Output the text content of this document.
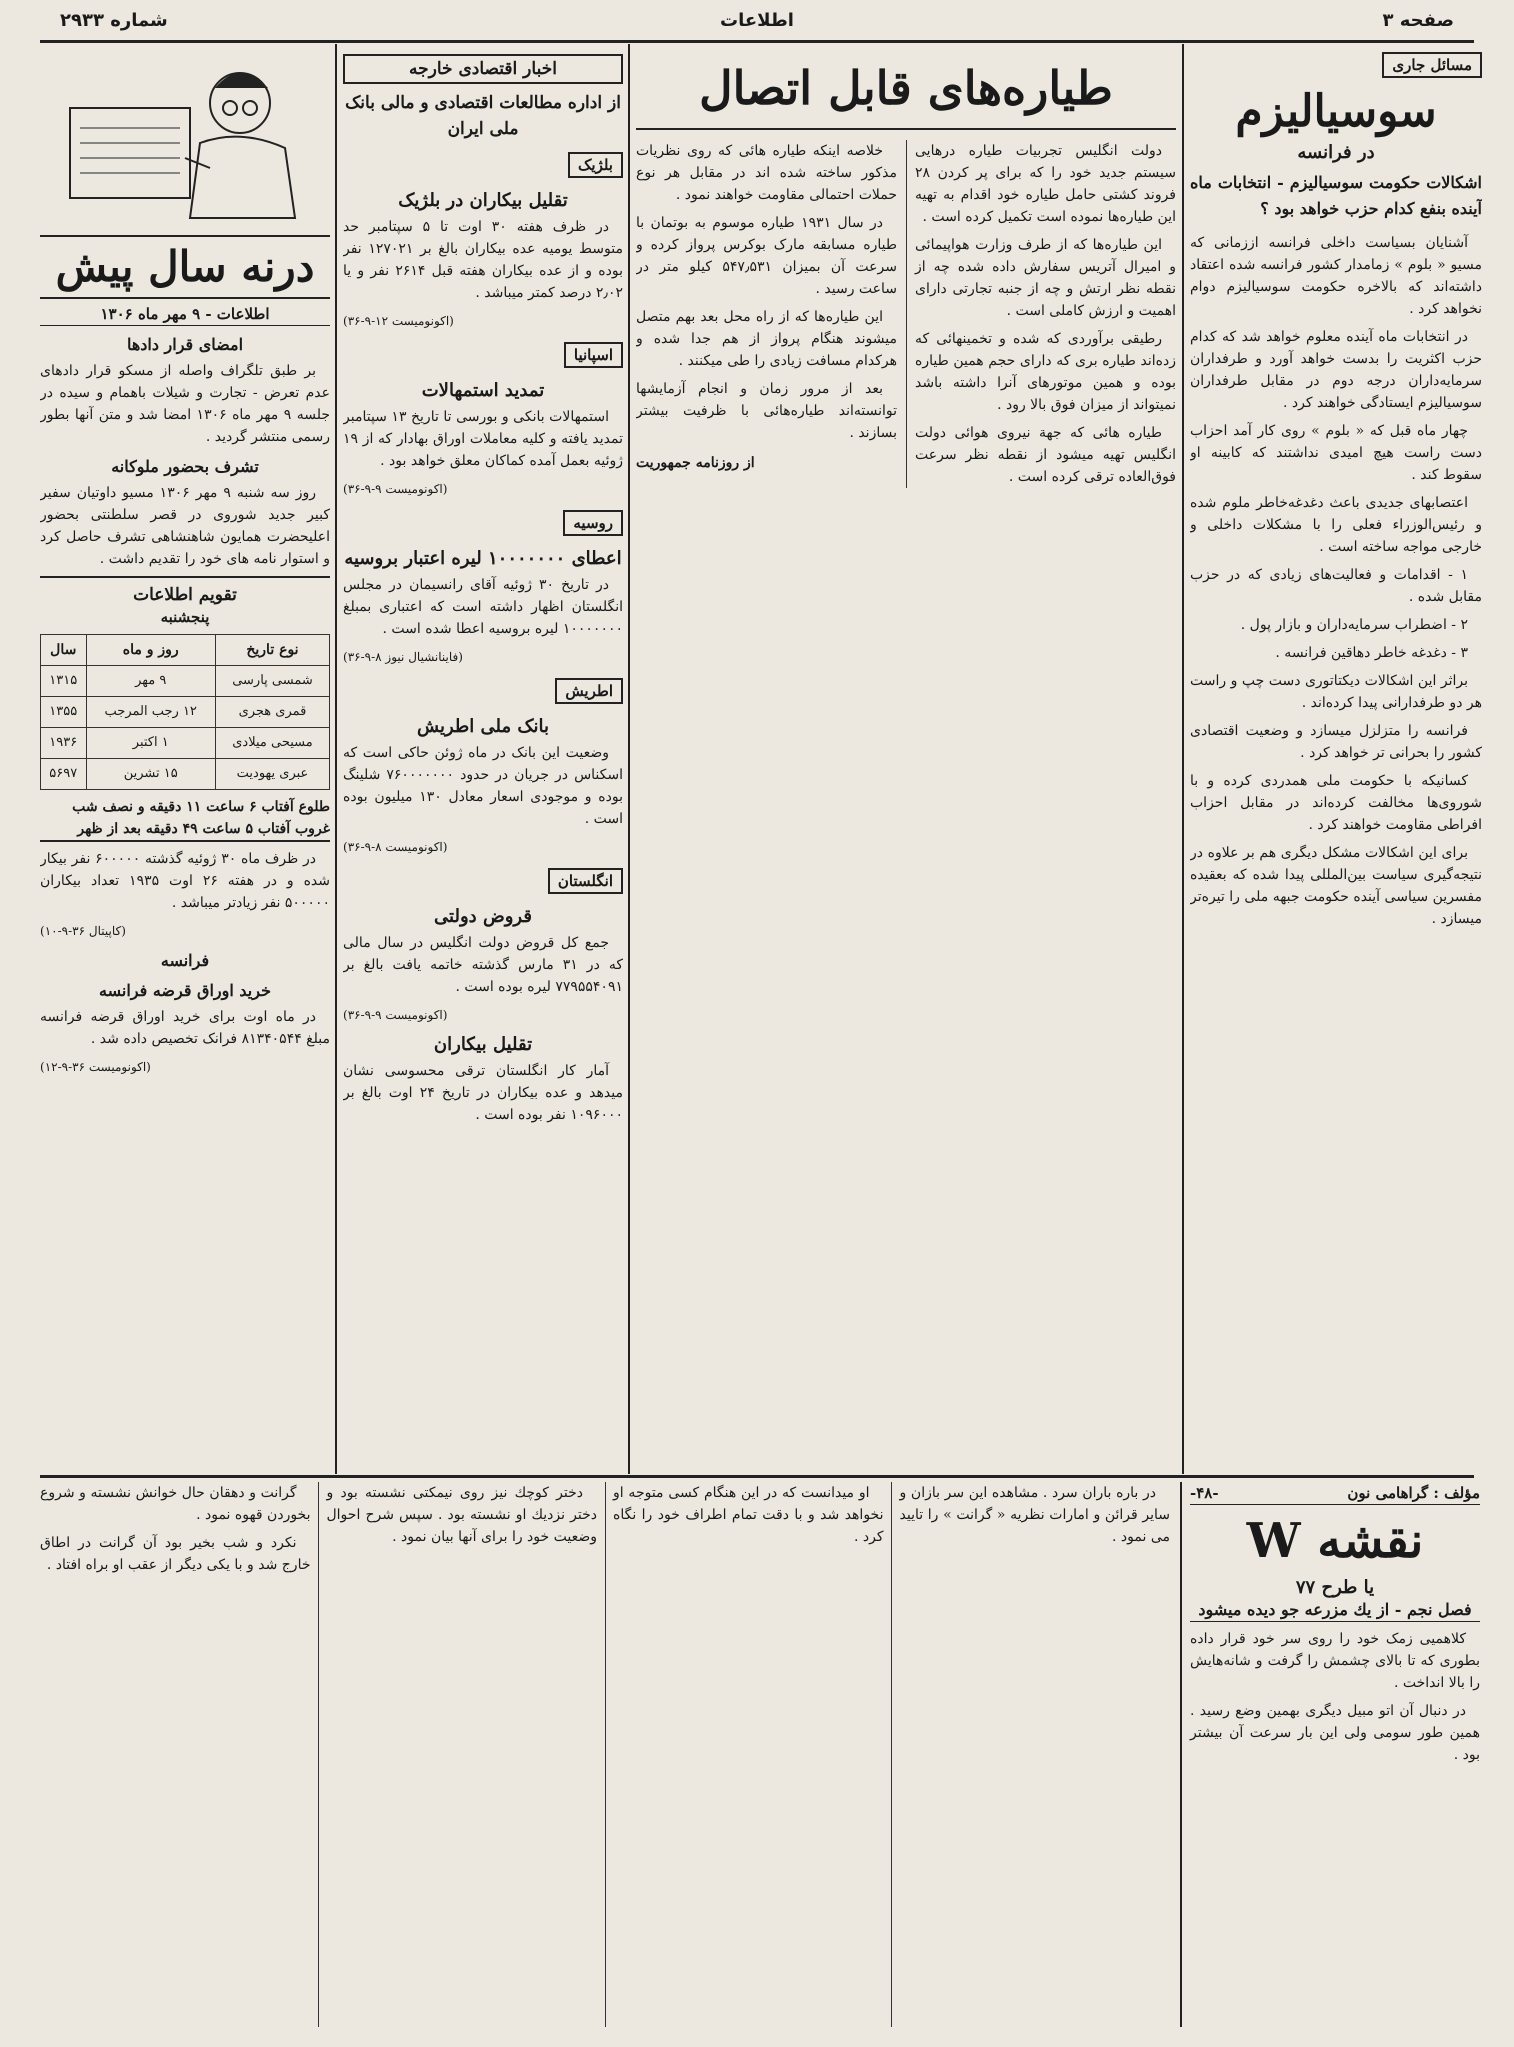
صفحه ۳
اطلاعات
شماره ۲۹۳۳
مسائل جاری
سوسیالیزم
در فرانسه
اشکالات حکومت سوسیالیزم - انتخابات ماه آینده بنفع کدام حزب خواهد بود ؟

آشنایان بسیاست داخلی فرانسه اززمانی که مسیو « بلوم » زمامدار کشور فرانسه شده اعتقاد داشته‌اند که بالاخره حکومت سوسیالیزم دوام نخواهد کرد .

در انتخابات ماه آینده معلوم خواهد شد که کدام حزب اکثریت را بدست خواهد آورد و طرفداران سرمایه‌داران درجه دوم در مقابل طرفداران سوسیالیزم ایستادگی خواهند کرد .

چهار ماه قبل که « بلوم » روی کار آمد احزاب دست راست هیچ امیدی نداشتند که کابینه او سقوط کند .

اعتصابهای جدیدی باعث دغدغه‌خاطر ملوم شده و رئیس‌الوزراء فعلی را با مشکلات داخلی و خارجی مواجه ساخته است .

۱ - اقدامات و فعالیت‌های زیادی که در حزب مقابل شده .

۲ - اضطراب سرمایه‌داران و بازار پول .

۳ - دغدغه خاطر دهاقین فرانسه .

براثر این اشکالات دیکتاتوری دست چپ و راست هر دو طرفدارانی پیدا کرده‌اند .

فرانسه را متزلزل میسازد و وضعیت اقتصادی کشور را بحرانی تر خواهد کرد .

کسانیکه با حکومت ملی همدردی کرده و با شوروی‌ها مخالفت کرده‌اند در مقابل احزاب افراطی مقاومت خواهند کرد .

برای این اشکالات مشکل دیگری هم بر علاوه در نتیجه‌گیری سیاست بین‌المللی پیدا شده که بعقیده مفسرین سیاسی آینده حکومت جبهه ملی را تیره‌تر میسازد .

طیاره‌های قابل اتصال

دولت انگلیس تجربیات طیاره درهایی سیستم جدید خود را که برای پر کردن ۲۸ فروند کشتی حامل طیاره خود اقدام به تهیه این طیاره‌ها نموده است تکمیل کرده است .

این طیاره‌ها که از طرف وزارت هواپیمائی و امیرال آتریس سفارش داده شده چه از نقطه نظر ارتش و چه از جنبه تجارتی دارای اهمیت و ارزش کاملی است .

رطیقی برآوردی که شده و تخمینهائی که زده‌اند طیاره بری که دارای حجم همین طیاره بوده و همین موتورهای آنرا داشته باشد نمیتواند از میزان فوق بالا رود .

طیاره هائی که جهة نیروی هوائی دولت انگلیس تهیه میشود از نقطه نظر سرعت فوق‌العاده ترقی کرده است .

خلاصه اینکه طیاره هائی که روی نظریات مذکور ساخته شده اند در مقابل هر نوع حملات احتمالی مقاومت خواهند نمود .

در سال ۱۹۳۱ طیاره موسوم به بوتمان با طیاره مسابقه مارک بوکرس پرواز کرده و سرعت آن بمیزان ۵۴۷٫۵۳۱ کیلو متر در ساعت رسید .

این طیاره‌ها که از راه محل بعد بهم متصل میشوند هنگام پرواز از هم جدا شده و هرکدام مسافت زیادی را طی میکنند .

بعد از مرور زمان و انجام آزمایشها توانسته‌اند طیاره‌هائی با ظرفیت بیشتر بسازند .

از روزنامه جمهوریت
اخبار اقتصادی خارجه
از اداره مطالعات اقتصادی و مالی بانک ملی ایران
بلژیک
تقلیل بیکاران در بلژیک

در ظرف هفته ۳۰ اوت تا ۵ سپتامبر حد متوسط یومیه عده بیکاران بالغ بر ۱۲۷۰۲۱ نفر بوده و از عده بیکاران هفته قبل ۲۶۱۴ نفر و یا ۲٫۰۲ درصد کمتر میباشد .

(اکونومیست ۱۲-۹-۳۶)
اسپانیا
تمدید استمهالات

استمهالات بانکی و بورسی تا تاریخ ۱۳ سپتامبر تمدید یافته و کلیه معاملات اوراق بهادار که از ۱۹ ژوئیه بعمل آمده کماکان معلق خواهد بود .

(اکونومیست ۹-۹-۳۶)
روسیه
اعطای ۱۰۰۰۰۰۰۰ لیره اعتبار بروسیه

در تاریخ ۳۰ ژوئیه آقای رانسیمان در مجلس انگلستان اظهار داشته است که اعتباری بمبلغ ۱۰۰۰۰۰۰۰ لیره بروسیه اعطا شده است .

(فاینانشیال نیوز ۸-۹-۳۶)
اطریش
بانک ملی اطریش

وضعیت این بانک در ماه ژوئن حاکی است که اسکناس در جریان در حدود ۷۶۰۰۰۰۰۰۰ شلینگ بوده و موجودی اسعار معادل ۱۳۰ میلیون بوده است .

(اکونومیست ۸-۹-۳۶)
انگلستان
قروض دولتی

جمع کل قروض دولت انگلیس در سال مالی که در ۳۱ مارس گذشته خاتمه یافت بالغ بر ۷۷۹۵۵۴۰۹۱ لیره بوده است .

(اکونومیست ۹-۹-۳۶)
تقلیل بیکاران

آمار کار انگلستان ترقی محسوسی نشان میدهد و عده بیکاران در تاریخ ۲۴ اوت بالغ بر ۱۰۹۶۰۰۰ نفر بوده است .

درنه سال پیش
اطلاعات - ۹ مهر ماه ۱۳۰۶
امضای قرار دادها

بر طبق تلگراف واصله از مسکو قرار دادهای عدم تعرض - تجارت و شیلات باهمام و سیده در جلسه ۹ مهر ماه ۱۳۰۶ امضا شد و متن آنها بطور رسمی منتشر گردید .

تشرف بحضور ملوکانه

روز سه شنبه ۹ مهر ۱۳۰۶ مسیو داوتیان سفیر کبیر جدید شوروی در قصر سلطنتی بحضور اعلیحضرت همایون شاهنشاهی تشرف حاصل کرد و استوار نامه های خود را تقدیم داشت .

تقویم اطلاعات
پنجشنبه
نوع تاریخ	روز و ماه	سال
شمسی پارسی	۹ مهر	۱۳۱۵
قمری هجری	۱۲ رجب المرجب	۱۳۵۵
مسیحی میلادی	۱ اکتبر	۱۹۳۶
عبری یهودیت	۱۵ تشرین	۵۶۹۷
طلوع آفتاب ۶ ساعت ۱۱ دقیقه و نصف شب
غروب آفتاب ۵ ساعت ۴۹ دقیقه بعد از ظهر

در ظرف ماه ۳۰ ژوئیه گذشته ۶۰۰۰۰۰ نفر بیکار شده و در هفته ۲۶ اوت ۱۹۳۵ تعداد بیکاران ۵۰۰۰۰۰ نفر زیادتر میباشد .

(کاپیتال ۳۶-۹-۱۰)
فرانسه
خرید اوراق قرضه فرانسه

در ماه اوت برای خرید اوراق قرضه فرانسه مبلغ ۸۱۳۴۰۵۴۴ فرانک تخصیص داده شد .

(اکونومیست ۳۶-۹-۱۲)
مؤلف : گراهامی نون
-۴۸-
نقشه W
یا طرح ۷۷
فصل نجم - از یك مزرعه جو دیده میشود

کلاهمیی زمک خود را روی سر خود قرار داده بطوری که تا بالای چشمش را گرفت و شانه‌هایش را بالا انداخت .

در دنبال آن اتو مبیل دیگری بهمین وضع رسید . همین طور سومی ولی این بار سرعت آن بیشتر بود .

در باره باران سرد . مشاهده این سر بازان و سایر قرائن و امارات نظریه « گرانت » را تایید می نمود .

او میدانست که در این هنگام کسی متوجه او نخواهد شد و با دقت تمام اطراف خود را نگاه کرد .

دختر کوچك نیز روی نیمکتی نشسته بود و دختر نزدیك او نشسته بود . سپس شرح احوال وضعیت خود را برای آنها بیان نمود .

گرانت و دهقان حال خوانش نشسته و شروع بخوردن قهوه نمود .

نکرد و شب بخیر بود آن گرانت در اطاق خارج شد و با یکی دیگر از عقب او براه افتاد .
